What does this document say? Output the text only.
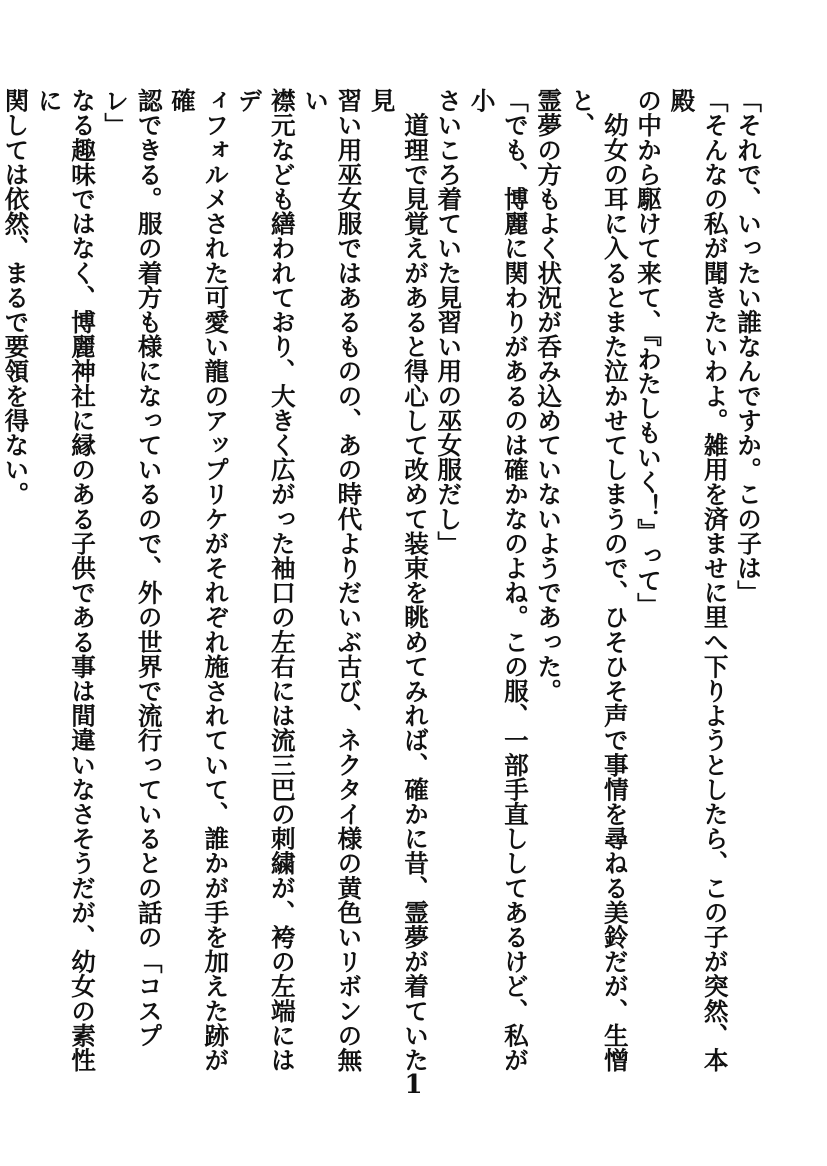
「それで、いったい誰なんですか。この子は」

「そんなの私が聞きたいわよ。雑用を済ませに里へ下りようとしたら、この子が突然、本殿

の中から駆けて来て、『わたしもいく！』って」

　幼女の耳に入るとまた泣かせてしまうので、ひそひそ声で事情を尋ねる美鈴だが、生憎と、

霊夢の方もよく状況が呑み込めていないようであった。

「でも、博麗に関わりがあるのは確かなのよね。この服、一部手直ししてあるけど、私が小

さいころ着ていた見習い用の巫女服だし」

　道理で見覚えがあると得心して改めて装束を眺めてみれば、確かに昔、霊夢が着ていた見

習い用巫女服ではあるものの、あの時代よりだいぶ古び、ネクタイ様の黄色いリボンの無い

襟元なども繕われており、大きく広がった袖口の左右には流三巴の刺繍が、袴の左端にはデ

ィフォルメされた可愛い龍のアップリケがそれぞれ施されていて、誰かが手を加えた跡が確

認できる。服の着方も様になっているので、外の世界で流行っているとの話の「コスプレ」

なる趣味ではなく、博麗神社に縁のある子供である事は間違いなさそうだが、幼女の素性に

関しては依然、まるで要領を得ない。

1
